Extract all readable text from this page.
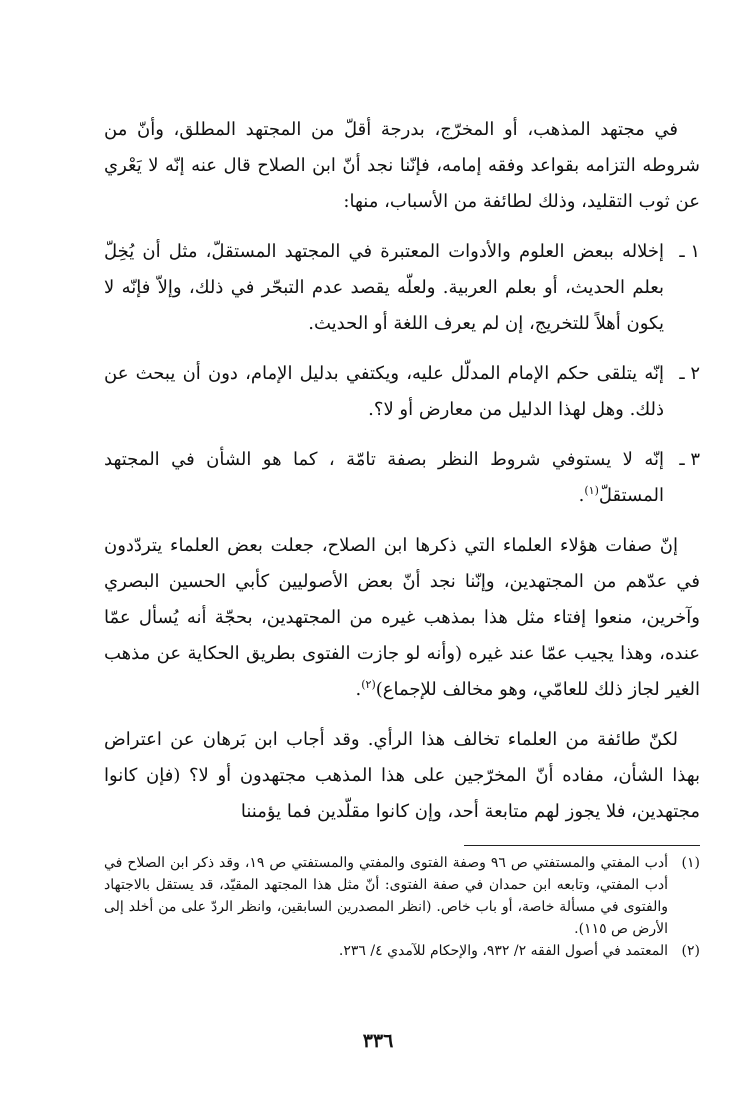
في مجتهد المذهب، أو المخرّج، بدرجة أقلّ من المجتهد المطلق، وأنّ من شروطه التزامه بقواعد وفقه إمامه، فإنّنا نجد أنّ ابن الصلاح قال عنه إنّه لا يَعْري عن ثوب التقليد، وذلك لطائفة من الأسباب، منها:

١ ـ

إخلاله ببعض العلوم والأدوات المعتبرة في المجتهد المستقلّ، مثل أن يُخِلّ بعلم الحديث، أو بعلم العربية. ولعلّه يقصد عدم التبحّر في ذلك، وإلاّ فإنّه لا يكون أهلاً للتخريج، إن لم يعرف اللغة أو الحديث.

٢ ـ

إنّه يتلقى حكم الإمام المدلّل عليه، ويكتفي بدليل الإمام، دون أن يبحث عن ذلك. وهل لهذا الدليل من معارض أو لا؟.

٣ ـ

إنّه لا يستوفي شروط النظر بصفة تامّة ، كما هو الشأن في المجتهد المستقلّ$^{(١)}$.

إنّ صفات هؤلاء العلماء التي ذكرها ابن الصلاح، جعلت بعض العلماء يتردّدون في عدّهم من المجتهدين، وإنّنا نجد أنّ بعض الأصوليين كأبي الحسين البصري وآخرين، منعوا إفتاء مثل هذا بمذهب غيره من المجتهدين، بحجّة أنه يُسأل عمّا عنده، وهذا يجيب عمّا عند غيره (وأنه لو جازت الفتوى بطريق الحكاية عن مذهب الغير لجاز ذلك للعامّي، وهو مخالف للإجماع)$^{(٢)}$.

لكنّ طائفة من العلماء تخالف هذا الرأي. وقد أجاب ابن بَرهان عن اعتراض بهذا الشأن، مفاده أنّ المخرّجين على هذا المذهب مجتهدون أو لا؟ (فإن كانوا مجتهدين، فلا يجوز لهم متابعة أحد، وإن كانوا مقلّدين فما يؤمننا

(١)

أدب المفتي والمستفتي ص ٩٦ وصفة الفتوى والمفتي والمستفتي ص ١٩، وقد ذكر ابن الصلاح في أدب المفتي، وتابعه ابن حمدان في صفة الفتوى: أنّ مثل هذا المجتهد المقيّد، قد يستقل بالاجتهاد والفتوى في مسألة خاصة، أو باب خاص. (انظر المصدرين السابقين، وانظر الردّ على من أخلد إلى الأرض ص ١١٥).

(٢)

المعتمد في أصول الفقه ٢/ ٩٣٢، والإحكام للآمدي ٤/ ٢٣٦.

٣٣٦
